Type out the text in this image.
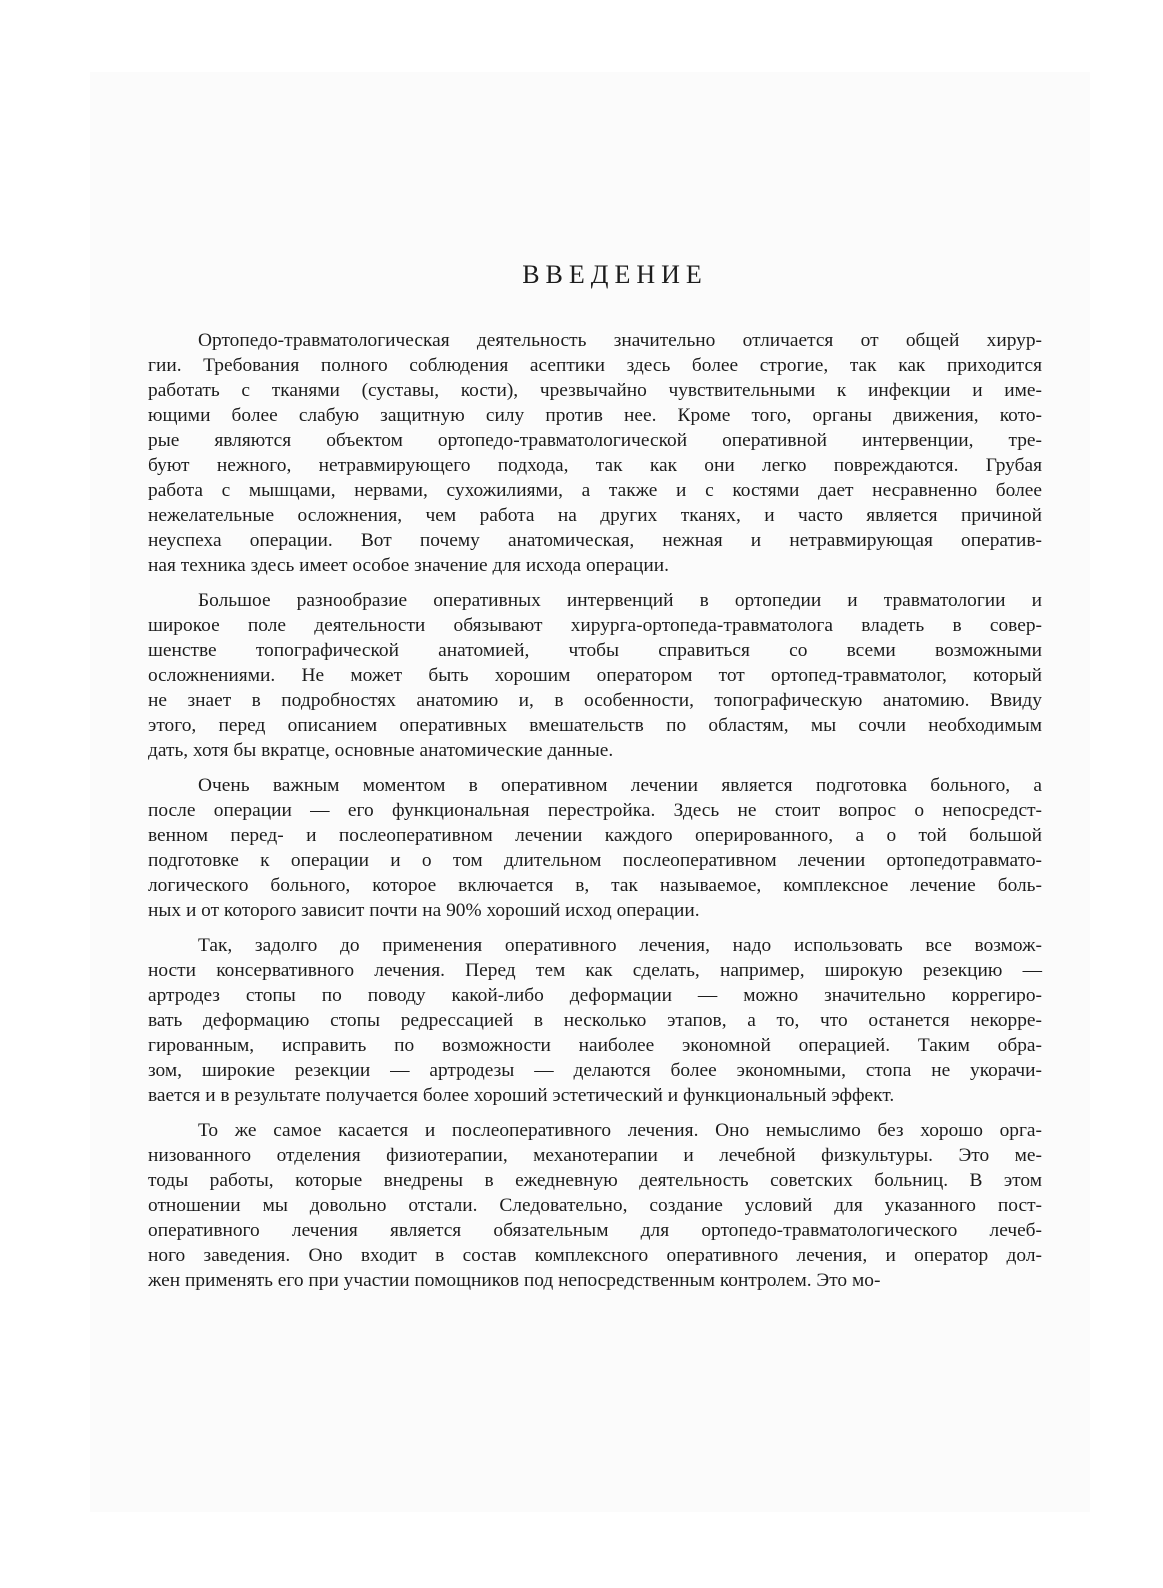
ВВЕДЕНИЕ

Ортопедо-травматологическая деятельность значительно отличается от общей хирур-
гии. Требования полного соблюдения асептики здесь более строгие, так как приходится
работать с тканями (суставы, кости), чрезвычайно чувствительными к инфекции и име-
ющими более слабую защитную силу против нее. Кроме того, органы движения, кото-
рые являются объектом ортопедо-травматологической оперативной интервенции, тре-
буют нежного, нетравмирующего подхода, так как они легко повреждаются. Грубая
работа с мышцами, нервами, сухожилиями, а также и с костями дает несравненно более
нежелательные осложнения, чем работа на других тканях, и часто является причиной
неуспеха операции. Вот почему анатомическая, нежная и нетравмирующая оператив-
ная техника здесь имеет особое значение для исхода операции.

Большое разнообразие оперативных интервенций в ортопедии и травматологии и
широкое поле деятельности обязывают хирурга-ортопеда-травматолога владеть в совер-
шенстве топографической анатомией, чтобы справиться со всеми возможными
осложнениями. Не может быть хорошим оператором тот ортопед-травматолог, который
не знает в подробностях анатомию и, в особенности, топографическую анатомию. Ввиду
этого, перед описанием оперативных вмешательств по областям, мы сочли необходимым
дать, хотя бы вкратце, основные анатомические данные.

Очень важным моментом в оперативном лечении является подготовка больного, а
после операции — его функциональная перестройка. Здесь не стоит вопрос о непосредст-
венном перед- и послеоперативном лечении каждого оперированного, а о той большой
подготовке к операции и о том длительном послеоперативном лечении ортопедотравмато-
логического больного, которое включается в, так называемое, комплексное лечение боль-
ных и от которого зависит почти на 90% хороший исход операции.

Так, задолго до применения оперативного лечения, надо использовать все возмож-
ности консервативного лечения. Перед тем как сделать, например, широкую резекцию —
артродез стопы по поводу какой-либо деформации — можно значительно коррегиро-
вать деформацию стопы редрессацией в несколько этапов, а то, что останется некорре-
гированным, исправить по возможности наиболее экономной операцией. Таким обра-
зом, широкие резекции — артродезы — делаются более экономными, стопа не укорачи-
вается и в результате получается более хороший эстетический и функциональный эффект.

То же самое касается и послеоперативного лечения. Оно немыслимо без хорошо орга-
низованного отделения физиотерапии, механотерапии и лечебной физкультуры. Это ме-
тоды работы, которые внедрены в ежедневную деятельность советских больниц. В этом
отношении мы довольно отстали. Следовательно, создание условий для указанного пост-
оперативного лечения является обязательным для ортопедо-травматологического лечеб-
ного заведения. Оно входит в состав комплексного оперативного лечения, и оператор дол-
жен применять его при участии помощников под непосредственным контролем. Это мо-
